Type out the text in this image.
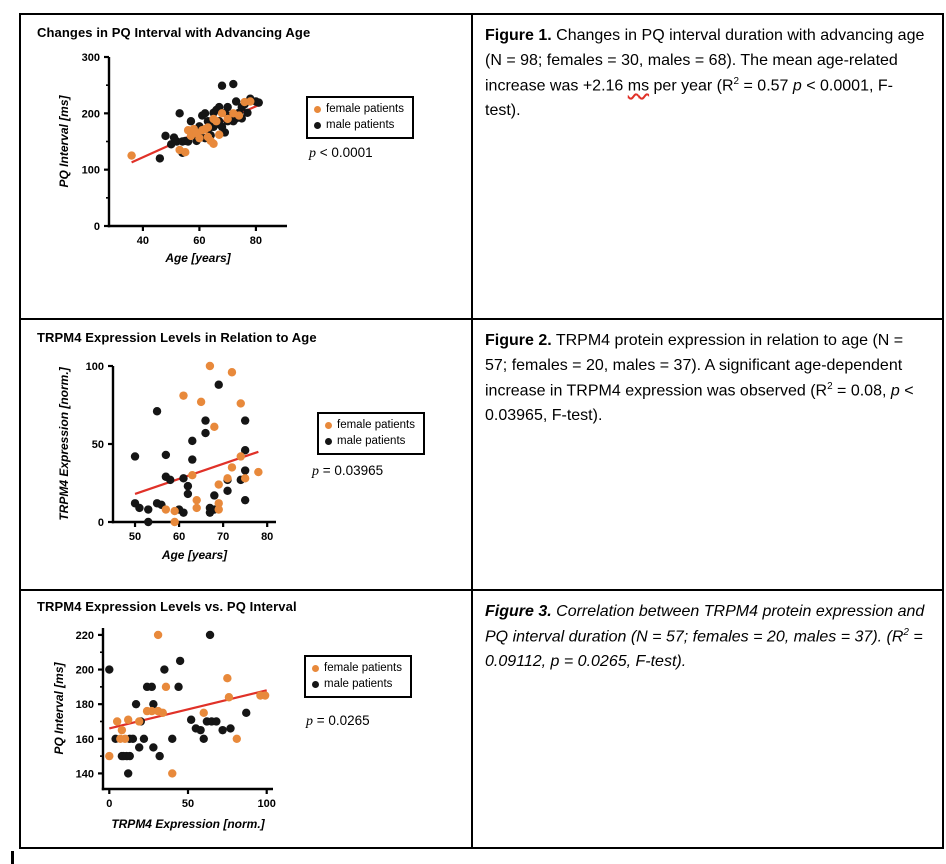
Changes in PQ Interval with Advancing Age
40	60	80
0
100
200
300
Age [years]
PQ Interval [ms]	female patients
male patients
p < 0.0001
Figure 1. Changes in PQ interval duration with advancing age (N = 98; females = 30, males = 68). The mean age-related increase was +2.16 ms per year ($R^2 = 0.57$ p < 0.0001, F-test).
TRPM4 Expression Levels in Relation to Age
50	60	70	80
0
50
100
Age [years]
TRPM4 Expression [norm.]	female patients
male patients
p = 0.03965
Figure 2. TRPM4 protein expression in relation to age (N = 57; females = 20, males = 37). A significant age-dependent increase in TRPM4 expression was observed ($R^2 = 0.08$, p < 0.03965, F-test).
TRPM4 Expression Levels vs. PQ Interval
0	50	100
140
160
180
200
220
TRPM4 Expression [norm.]
PQ Interval [ms]	female patients
male patients
p = 0.0265
Figure 3. Correlation between TRPM4 protein expression and PQ interval duration (N = 57; females = 20, males = 37). ($R^2 = 0.09112$, p = 0.0265, F-test).
